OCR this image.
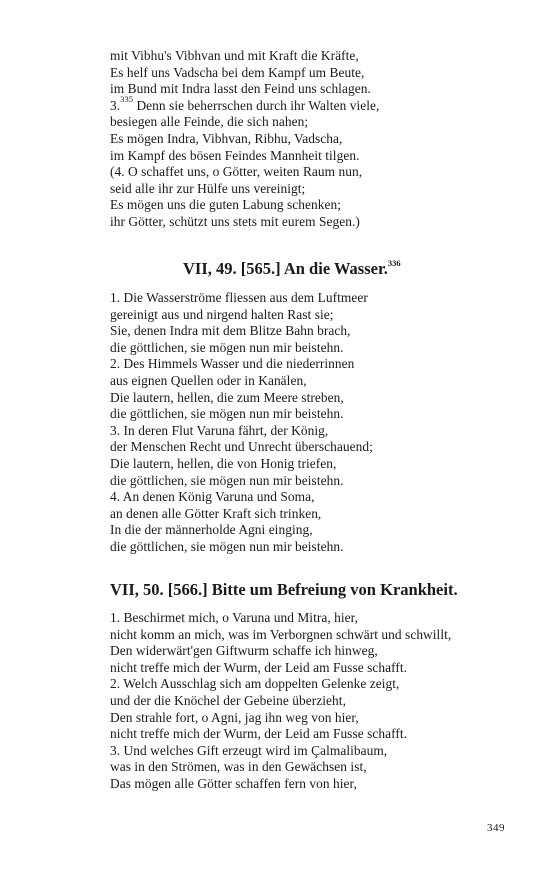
mit Vibhu's Vibhvan und mit Kraft die Kräfte,
Es helf uns Vadscha bei dem Kampf um Beute,
im Bund mit Indra lasst den Feind uns schlagen.
3.$^{335}$ Denn sie beherrschen durch ihr Walten viele,
besiegen alle Feinde, die sich nahen;
Es mögen Indra, Vibhvan, Ribhu, Vadscha,
im Kampf des bösen Feindes Mannheit tilgen.
(4. O schaffet uns, o Götter, weiten Raum nun,
seid alle ihr zur Hülfe uns vereinigt;
Es mögen uns die guten Labung schenken;
ihr Götter, schützt uns stets mit eurem Segen.)
VII, 49. [565.] An die Wasser.$^{336}$
1. Die Wasserströme fliessen aus dem Luftmeer
gereinigt aus und nirgend halten Rast sie;
Sie, denen Indra mit dem Blitze Bahn brach,
die göttlichen, sie mögen nun mir beistehn.
2. Des Himmels Wasser und die niederrinnen
aus eignen Quellen oder in Kanälen,
Die lautern, hellen, die zum Meere streben,
die göttlichen, sie mögen nun mir beistehn.
3. In deren Flut Varuna fährt, der König,
der Menschen Recht und Unrecht überschauend;
Die lautern, hellen, die von Honig triefen,
die göttlichen, sie mögen nun mir beistehn.
4. An denen König Varuna und Soma,
an denen alle Götter Kraft sich trinken,
In die der männerholde Agni einging,
die göttlichen, sie mögen nun mir beistehn.
VII, 50. [566.] Bitte um Befreiung von Krankheit.
1. Beschirmet mich, o Varuna und Mitra, hier,
nicht komm an mich, was im Verborgnen schwärt und schwillt,
Den widerwärt'gen Giftwurm schaffe ich hinweg,
nicht treffe mich der Wurm, der Leid am Fusse schafft.
2. Welch Ausschlag sich am doppelten Gelenke zeigt,
und der die Knöchel der Gebeine überzieht,
Den strahle fort, o Agni, jag ihn weg von hier,
nicht treffe mich der Wurm, der Leid am Fusse schafft.
3. Und welches Gift erzeugt wird im Çalmalibaum,
was in den Strömen, was in den Gewächsen ist,
Das mögen alle Götter schaffen fern von hier,
349
